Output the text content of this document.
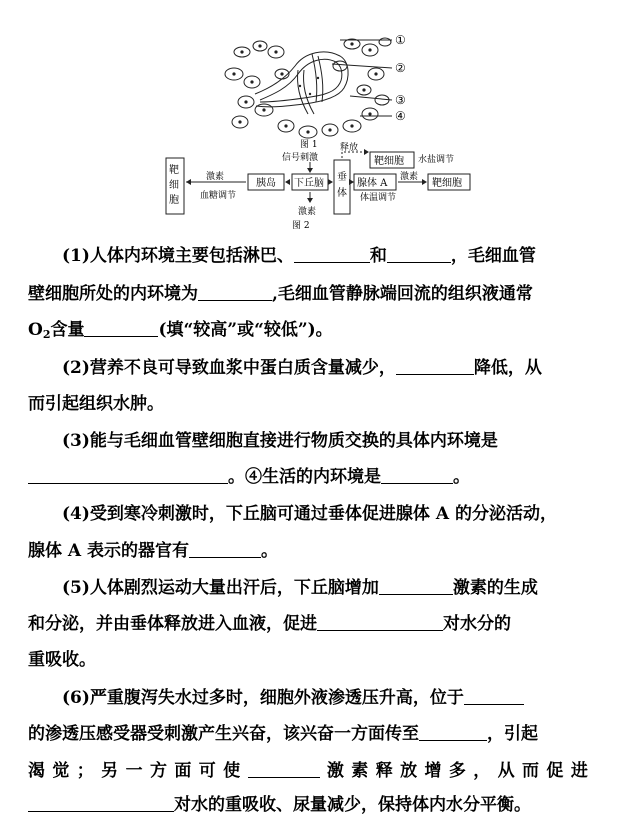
①
②
③
④
图 1
靶
细
胞
胰岛 下丘脑
垂
体
腺体 A
靶细胞
靶细胞
激素
血糖调节
信号刺激
释放
水盐调节
激素
激素
体温调节
图 2
(1)人体内环境主要包括淋巴、	和	，毛细血管
壁细胞所处的内环境为	,毛细血管静脉端回流的组织液通常
$O_2$含量	(填“较高”或“较低”)。
(2)营养不良可导致血浆中蛋白质含量减少，	降低，从
而引起组织水肿。
(3)能与毛细血管壁细胞直接进行物质交换的具体内环境是
。④生活的内环境是	。
(4)受到寒冷刺激时，下丘脑可通过垂体促进腺体 A 的分泌活动，
腺体 A 表示的器官有	。
(5)人体剧烈运动大量出汗后，下丘脑增加	激素的生成
和分泌，并由垂体释放进入血液，促进	对水分的
重吸收。
(6)严重腹泻失水过多时，细胞外液渗透压升高，位于
的渗透压感受器受刺激产生兴奋，该兴奋一方面传至	，引起
渴 觉 ； 另 一 方 面 可 使	激 素 释 放 增 多 ， 从 而 促 进
对水的重吸收、尿量减少，保持体内水分平衡。
